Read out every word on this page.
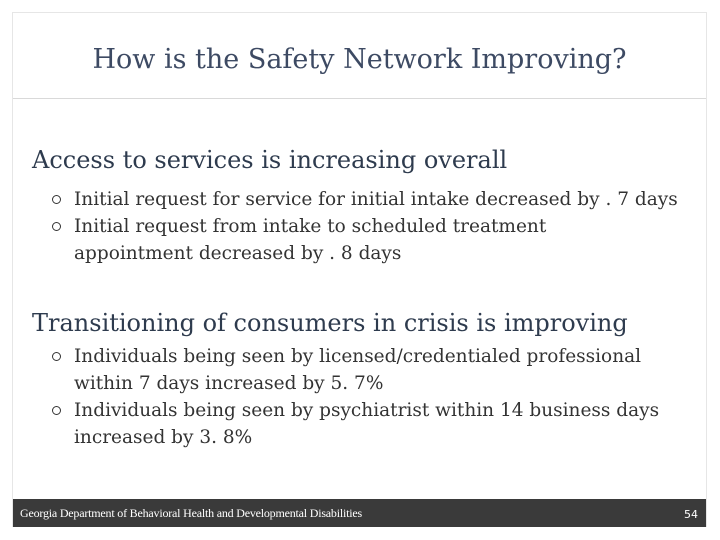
How is the Safety Network Improving?
Access to services is increasing overall
Initial request for service for initial intake decreased by . 7 days
Initial request from intake to scheduled treatment appointment decreased by . 8 days
Transitioning of consumers in crisis is improving
Individuals being seen by licensed/credentialed professional within 7 days increased by 5. 7%
Individuals being seen by psychiatrist within 14 business days increased by 3. 8%
Georgia Department of Behavioral Health and Developmental Disabilities	54
